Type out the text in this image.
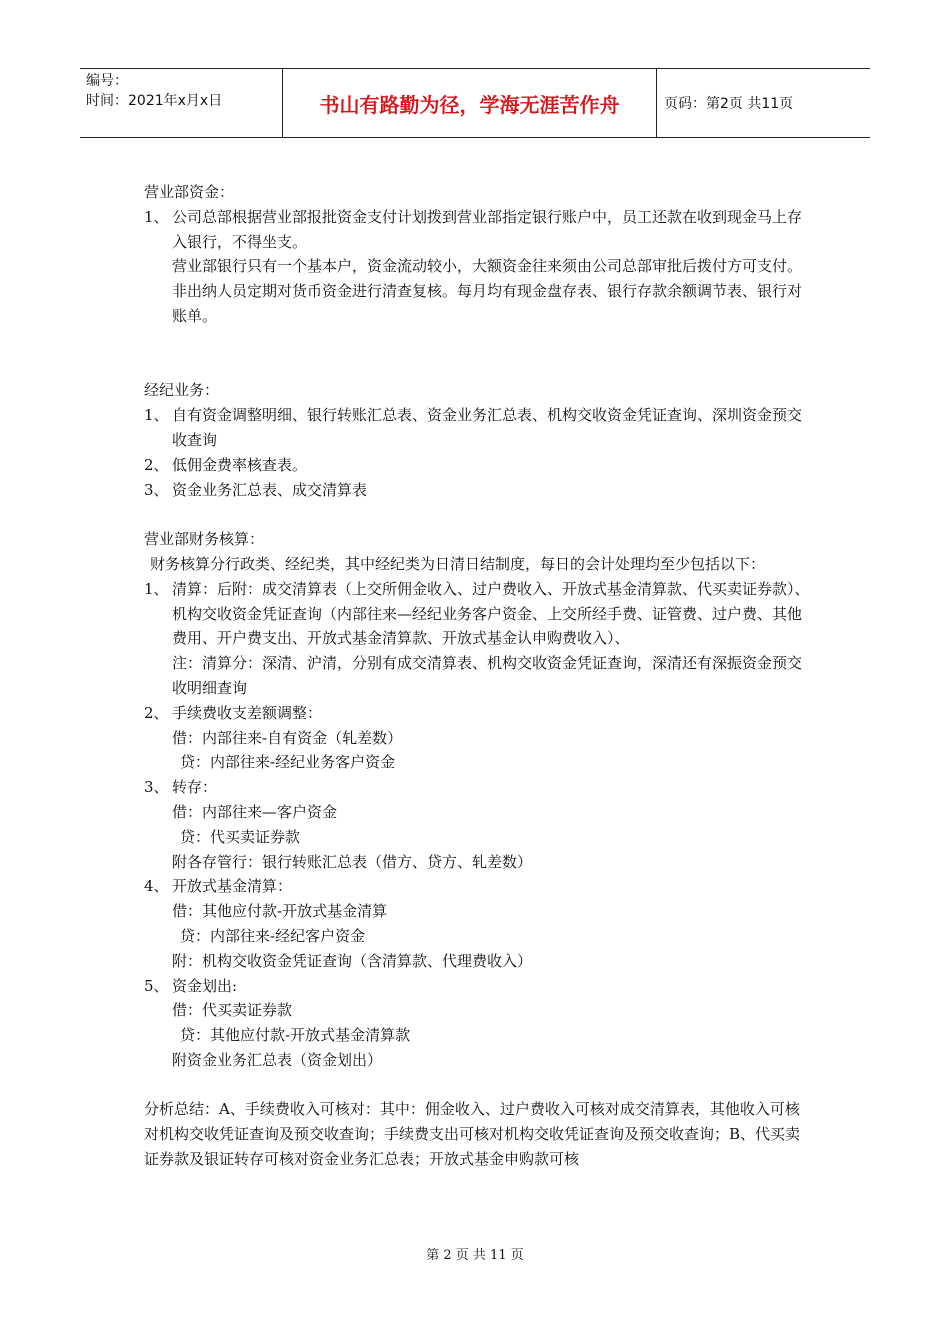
编号：
时间：2021年x月x日	书山有路勤为径，学海无涯苦作舟	页码：第2页 共11页

营业部资金：

1、 公司总部根据营业部报批资金支付计划拨到营业部指定银行账户中，员工还款在收到现金马上存入银行，不得坐支。

营业部银行只有一个基本户，资金流动较小，大额资金往来须由公司总部审批后拨付方可支付。非出纳人员定期对货币资金进行清查复核。每月均有现金盘存表、银行存款余额调节表、银行对账单。

经纪业务：

1、 自有资金调整明细、银行转账汇总表、资金业务汇总表、机构交收资金凭证查询、深圳资金预交收查询

2、 低佣金费率核查表。

3、 资金业务汇总表、成交清算表

营业部财务核算：

财务核算分行政类、经纪类，其中经纪类为日清日结制度，每日的会计处理均至少包括以下：

1、 清算：后附：成交清算表（上交所佣金收入、过户费收入、开放式基金清算款、代买卖证券款）、机构交收资金凭证查询（内部往来—经纪业务客户资金、上交所经手费、证管费、过户费、其他费用、开户费支出、开放式基金清算款、开放式基金认申购费收入）、

注：清算分：深清、沪清，分别有成交清算表、机构交收资金凭证查询，深清还有深振资金预交收明细查询

2、 手续费收支差额调整：

借：内部往来-自有资金（轧差数）

贷：内部往来-经纪业务客户资金

3、 转存：

借：内部往来—客户资金

贷：代买卖证券款

附各存管行：银行转账汇总表（借方、贷方、轧差数）

4、 开放式基金清算：

借：其他应付款-开放式基金清算

贷：内部往来-经纪客户资金

附：机构交收资金凭证查询（含清算款、代理费收入）

5、 资金划出:

借：代买卖证券款

贷：其他应付款-开放式基金清算款

附资金业务汇总表（资金划出）

分析总结：A、手续费收入可核对：其中：佣金收入、过户费收入可核对成交清算表，其他收入可核对机构交收凭证查询及预交收查询；手续费支出可核对机构交收凭证查询及预交收查询；B、代买卖证券款及银证转存可核对资金业务汇总表；开放式基金申购款可核

第 2 页 共 11 页
